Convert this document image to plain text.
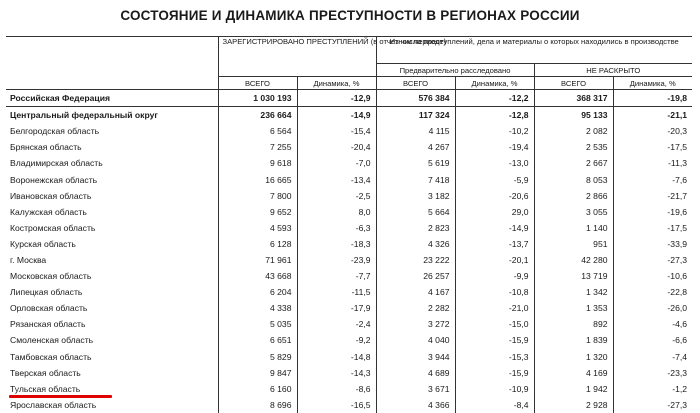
СОСТОЯНИЕ И ДИНАМИКА ПРЕСТУПНОСТИ В РЕГИОНАХ РОССИИ
	ЗАРЕГИСТРИРОВАНО ПРЕСТУПЛЕНИЙ (в отчетном периоде)		Из числа преступлений, дела и материалы о которых находились в производстве			
			Предварительно расследовано		НЕ РАСКРЫТО	
	ВСЕГО	Динамика, %	ВСЕГО	Динамика, %	ВСЕГО	Динамика, %
Российская Федерация	1 030 193	-12,9	576 384	-12,2	368 317	-19,8
Центральный федеральный округ	236 664	-14,9	117 324	-12,8	95 133	-21,1
Белгородская область	6 564	-15,4	4 115	-10,2	2 082	-20,3
Брянская область	7 255	-20,4	4 267	-19,4	2 535	-17,5
Владимирская область	9 618	-7,0	5 619	-13,0	2 667	-11,3
Воронежская область	16 665	-13,4	7 418	-5,9	8 053	-7,6
Ивановская область	7 800	-2,5	3 182	-20,6	2 866	-21,7
Калужская область	9 652	8,0	5 664	29,0	3 055	-19,6
Костромская область	4 593	-6,3	2 823	-14,9	1 140	-17,5
Курская область	6 128	-18,3	4 326	-13,7	951	-33,9
г. Москва	71 961	-23,9	23 222	-20,1	42 280	-27,3
Московская область	43 668	-7,7	26 257	-9,9	13 719	-10,6
Липецкая область	6 204	-11,5	4 167	-10,8	1 342	-22,8
Орловская область	4 338	-17,9	2 282	-21,0	1 353	-26,0
Рязанская область	5 035	-2,4	3 272	-15,0	892	-4,6
Смоленская область	6 651	-9,2	4 040	-15,9	1 839	-6,6
Тамбовская область	5 829	-14,8	3 944	-15,3	1 320	-7,4
Тверская область	9 847	-14,3	4 689	-15,9	4 169	-23,3
Тульская область	6 160	-8,6	3 671	-10,9	1 942	-1,2
Ярославская область	8 696	-16,5	4 366	-8,4	2 928	-27,3
